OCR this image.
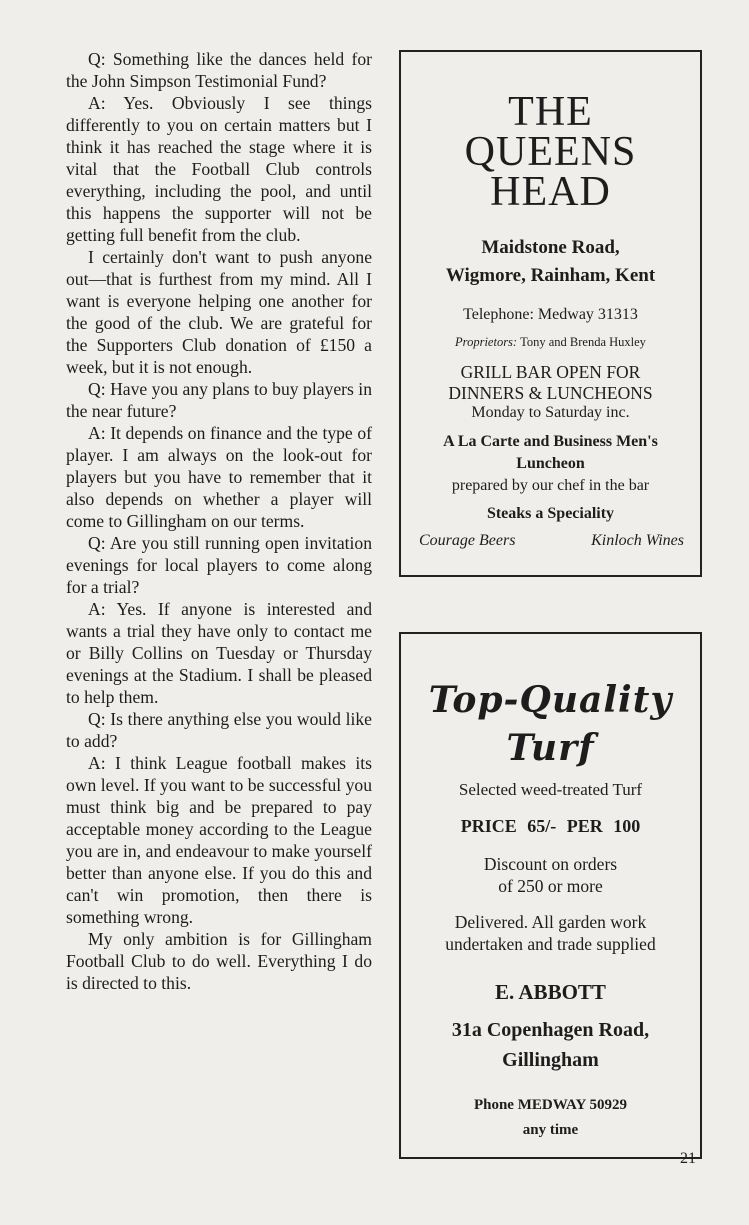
Q: Something like the dances held for the John Simpson Testimonial Fund?

A: Yes. Obviously I see things differently to you on certain matters but I think it has reached the stage where it is vital that the Football Club controls everything, including the pool, and until this happens the supporter will not be getting full benefit from the club.

I certainly don't want to push anyone out—that is furthest from my mind. All I want is everyone helping one another for the good of the club. We are grateful for the Supporters Club donation of £150 a week, but it is not enough.

Q: Have you any plans to buy players in the near future?

A: It depends on finance and the type of player. I am always on the look-out for players but you have to remember that it also depends on whether a player will come to Gillingham on our terms.

Q: Are you still running open invitation evenings for local players to come along for a trial?

A: Yes. If anyone is interested and wants a trial they have only to contact me or Billy Collins on Tuesday or Thursday evenings at the Stadium. I shall be pleased to help them.

Q: Is there anything else you would like to add?

A: I think League football makes its own level. If you want to be successful you must think big and be prepared to pay acceptable money according to the League you are in, and endeavour to make yourself better than anyone else. If you do this and can't win promotion, then there is something wrong.

My only ambition is for Gillingham Football Club to do well. Everything I do is directed to this.

THE
QUEENS
HEAD
Maidstone Road,
Wigmore, Rainham, Kent
Telephone: Medway 31313
Proprietors: Tony and Brenda Huxley
GRILL BAR OPEN FOR
DINNERS & LUNCHEONS
Monday to Saturday inc.
A La Carte and Business Men's Luncheon
prepared by our chef in the bar
Steaks a Speciality
Courage Beers	Kinloch Wines
Top-Quality
Turf
Selected weed-treated Turf
PRICE 65/- PER 100
Discount on orders
of 250 or more
Delivered. All garden work
undertaken and trade supplied
E. ABBOTT
31a Copenhagen Road,
Gillingham
Phone MEDWAY 50929
any time
21
